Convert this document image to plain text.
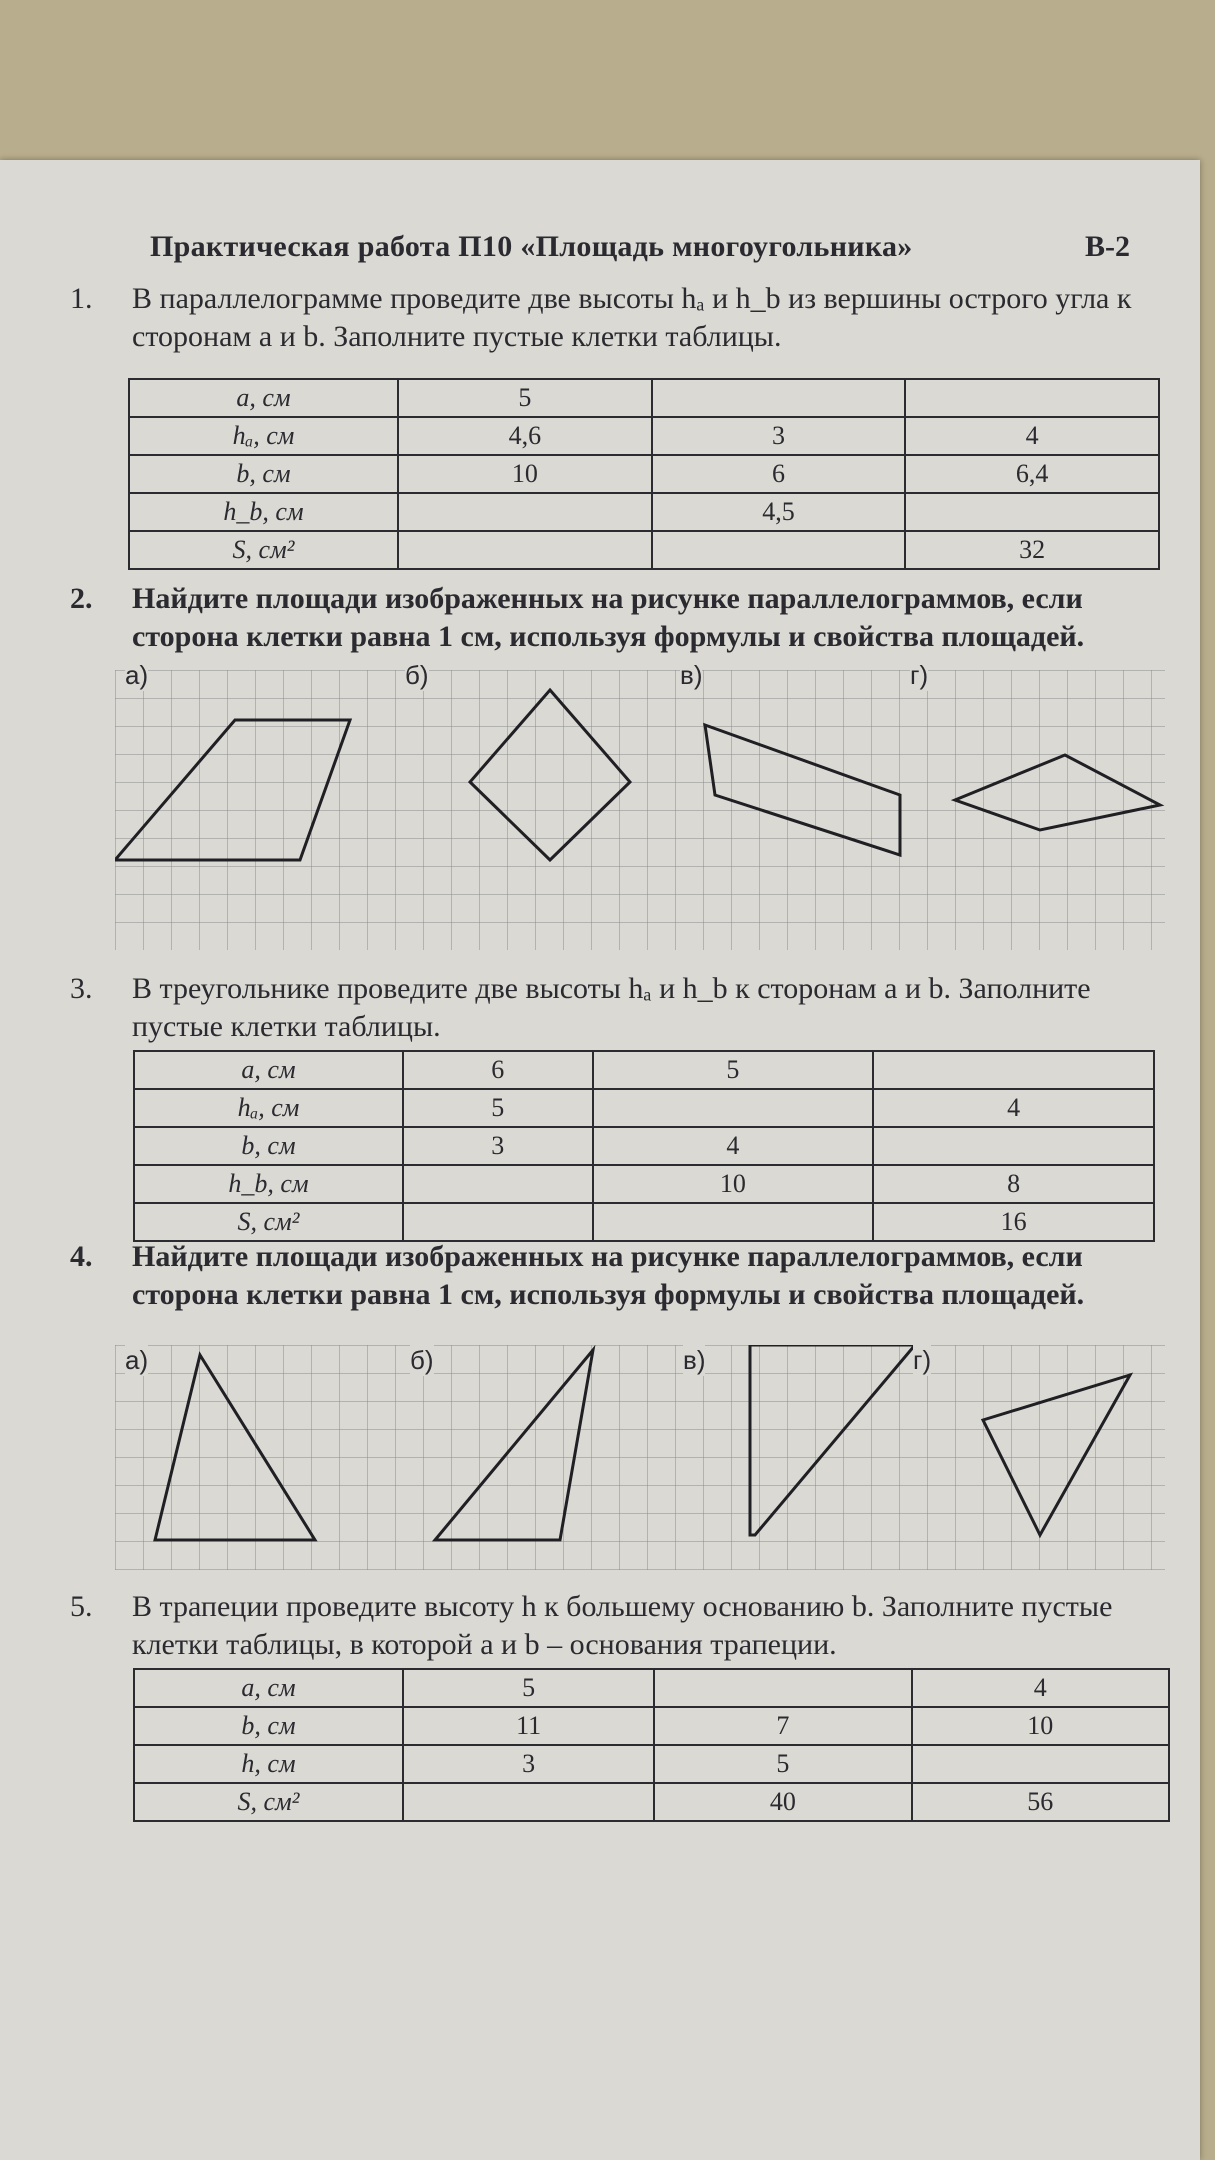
Практическая работа П10 «Площадь многоугольника»	В-2
1. В параллелограмме проведите две высоты hₐ и h_b из вершины острого угла к сторонам a и b. Заполните пустые клетки таблицы.
a, см	5		
hₐ, см	4,6	3	4
b, см	10	6	6,4
h_b, см		4,5	
S, см²			32
2. Найдите площади изображенных на рисунке параллелограммов, если сторона клетки равна 1 см, используя формулы и свойства площадей.
а)	б)	в)	г)
3. В треугольнике проведите две высоты hₐ и h_b к сторонам a и b. Заполните пустые клетки таблицы.
a, см	6	5	
hₐ, см	5		4
b, см	3	4	
h_b, см		10	8
S, см²			16
4. Найдите площади изображенных на рисунке параллелограммов, если сторона клетки равна 1 см, используя формулы и свойства площадей.
а)	б)	в)	г)
5. В трапеции проведите высоту h к большему основанию b. Заполните пустые клетки таблицы, в которой a и b – основания трапеции.
a, см	5		4
b, см	11	7	10
h, см	3	5	
S, см²		40	56
